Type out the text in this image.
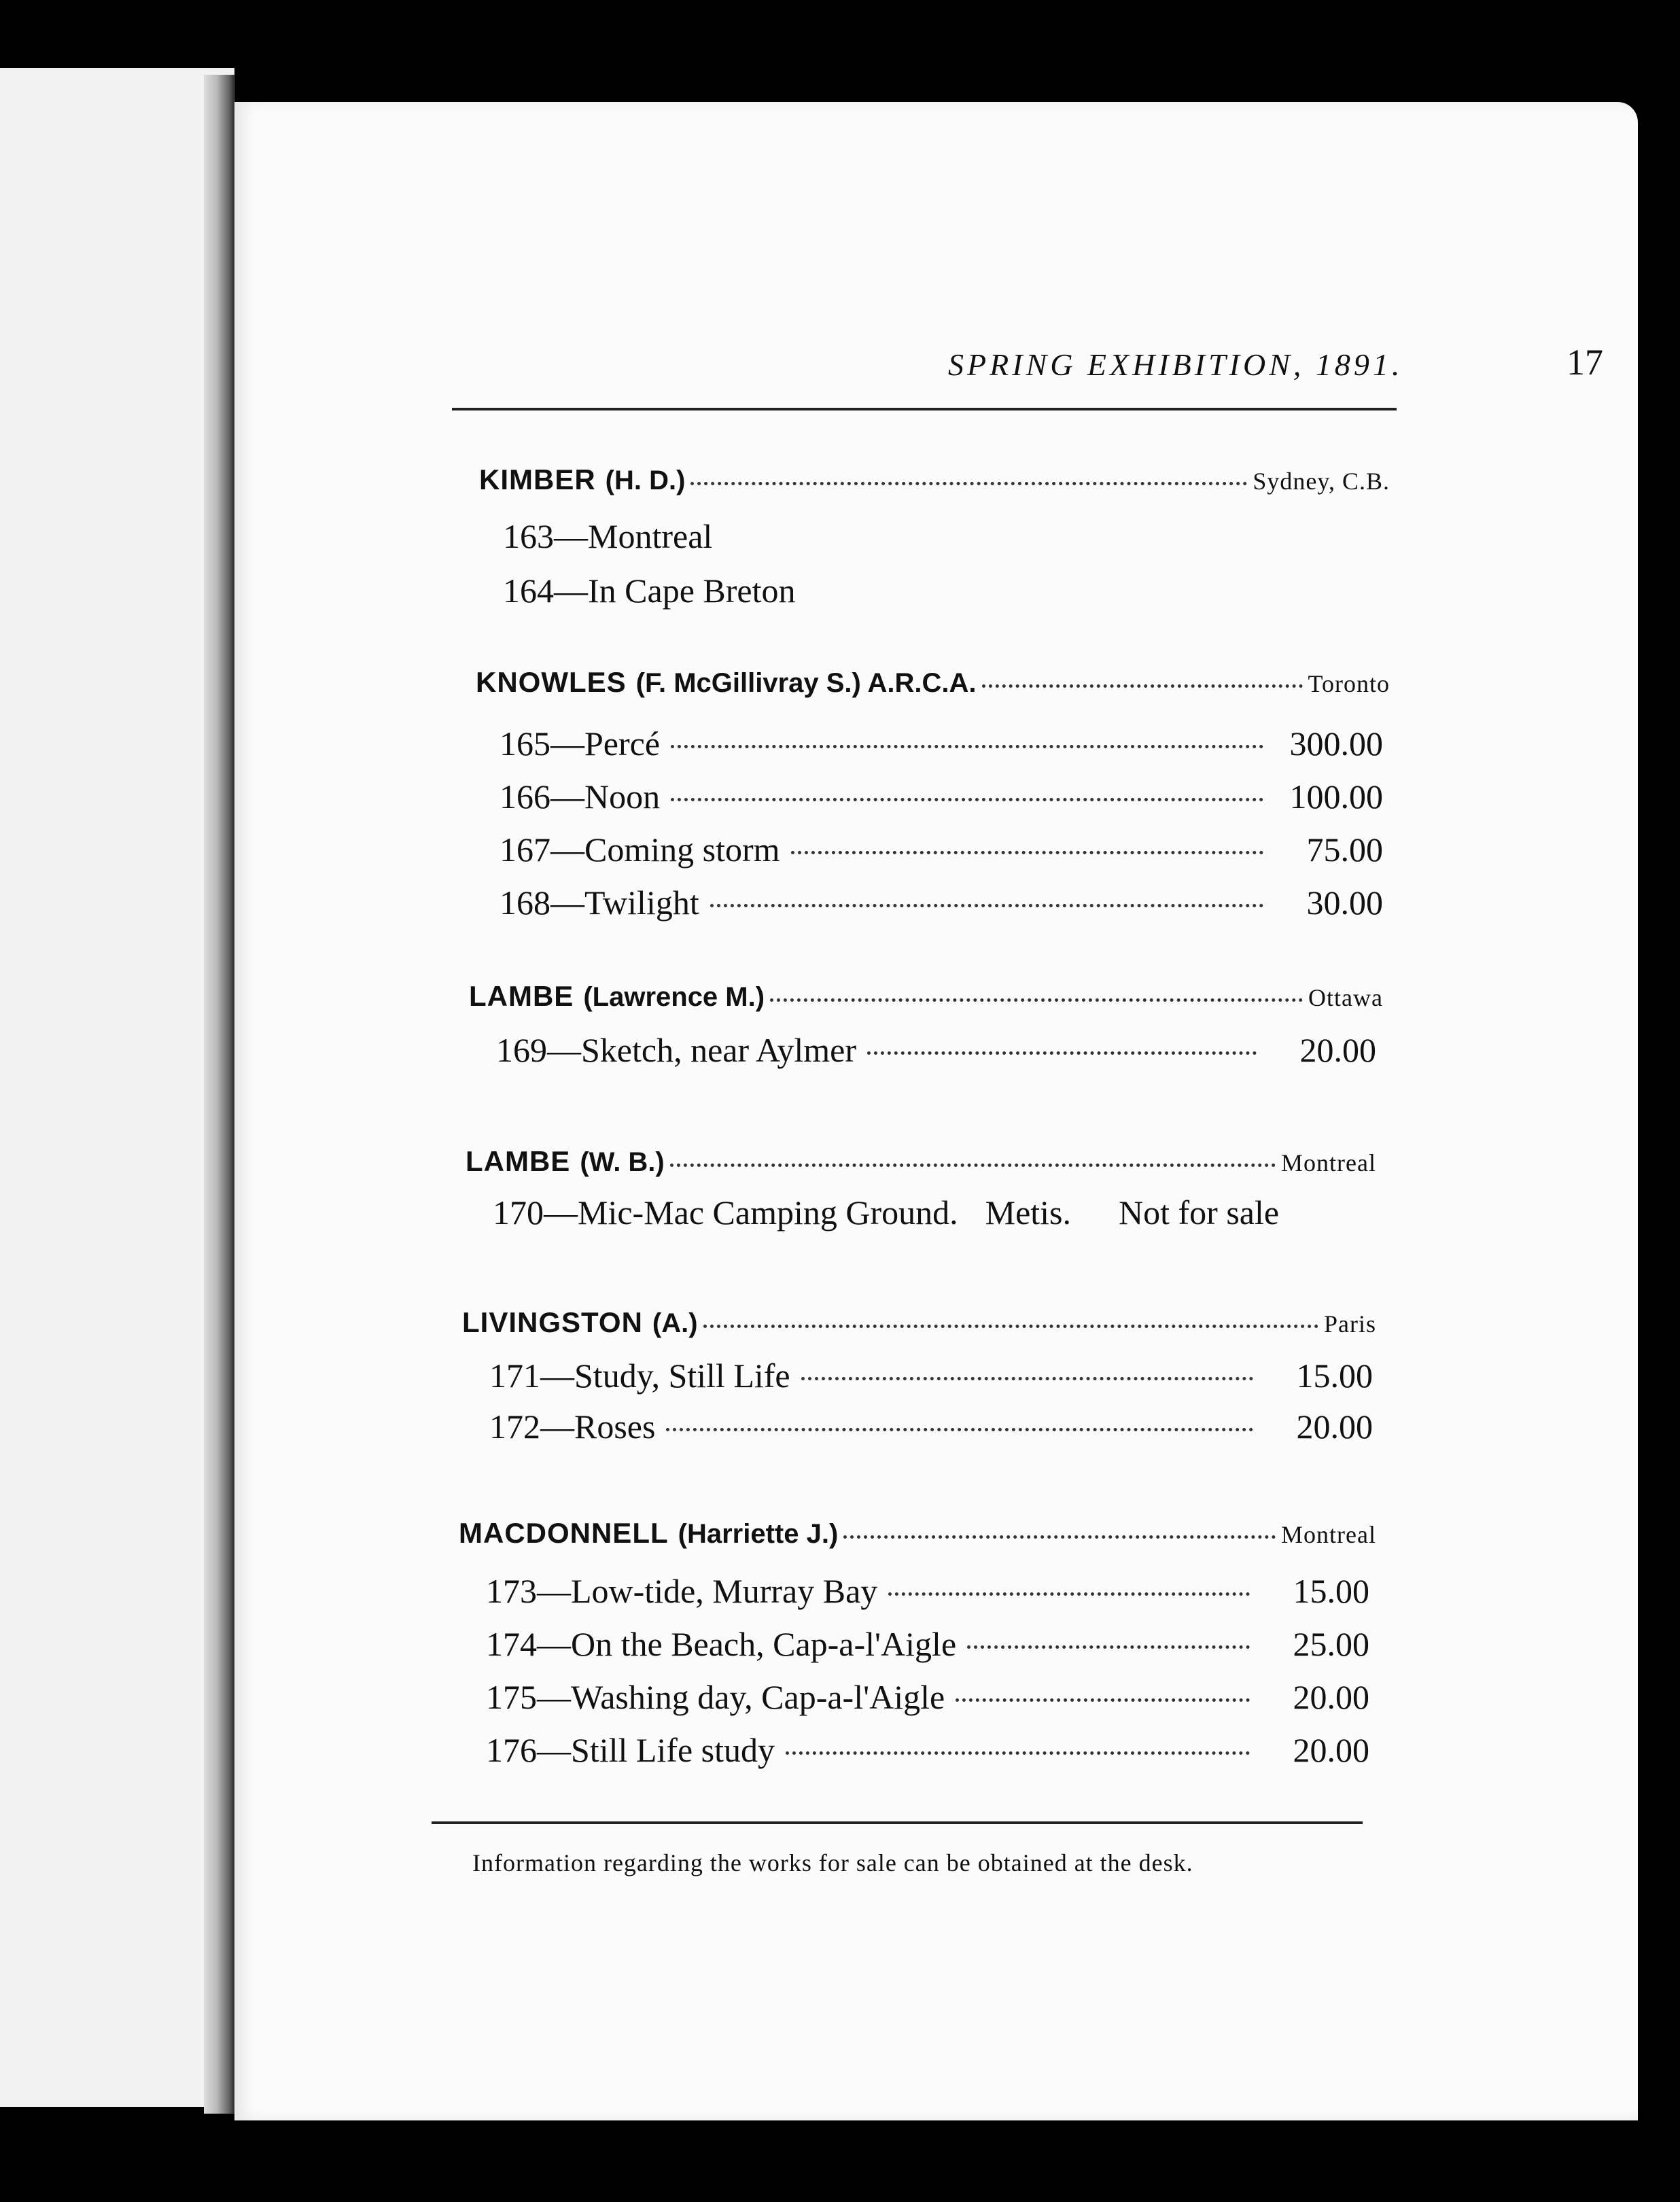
SPRING EXHIBITION, 1891.	17
KIMBER (H. D.)	Sydney, C.B.
163— Montreal
164— In Cape Breton
KNOWLES (F. McGillivray S.) A.R.C.A.	Toronto
165— Percé	300.00
166— Noon	100.00
167— Coming storm	75.00
168— Twilight	30.00
LAMBE (Lawrence M.)	Ottawa
169— Sketch, near Aylmer	20.00
LAMBE (W. B.)	Montreal
170— Mic-Mac Camping Ground. Metis. Not for sale
LIVINGSTON (A.)	Paris
171— Study, Still Life	15.00
172— Roses	20.00
MACDONNELL (Harriette J.)	Montreal
173— Low-tide, Murray Bay	15.00
174— On the Beach, Cap-a-l'Aigle	25.00
175— Washing day, Cap-a-l'Aigle	20.00
176— Still Life study	20.00
Information regarding the works for sale can be obtained at the desk.
